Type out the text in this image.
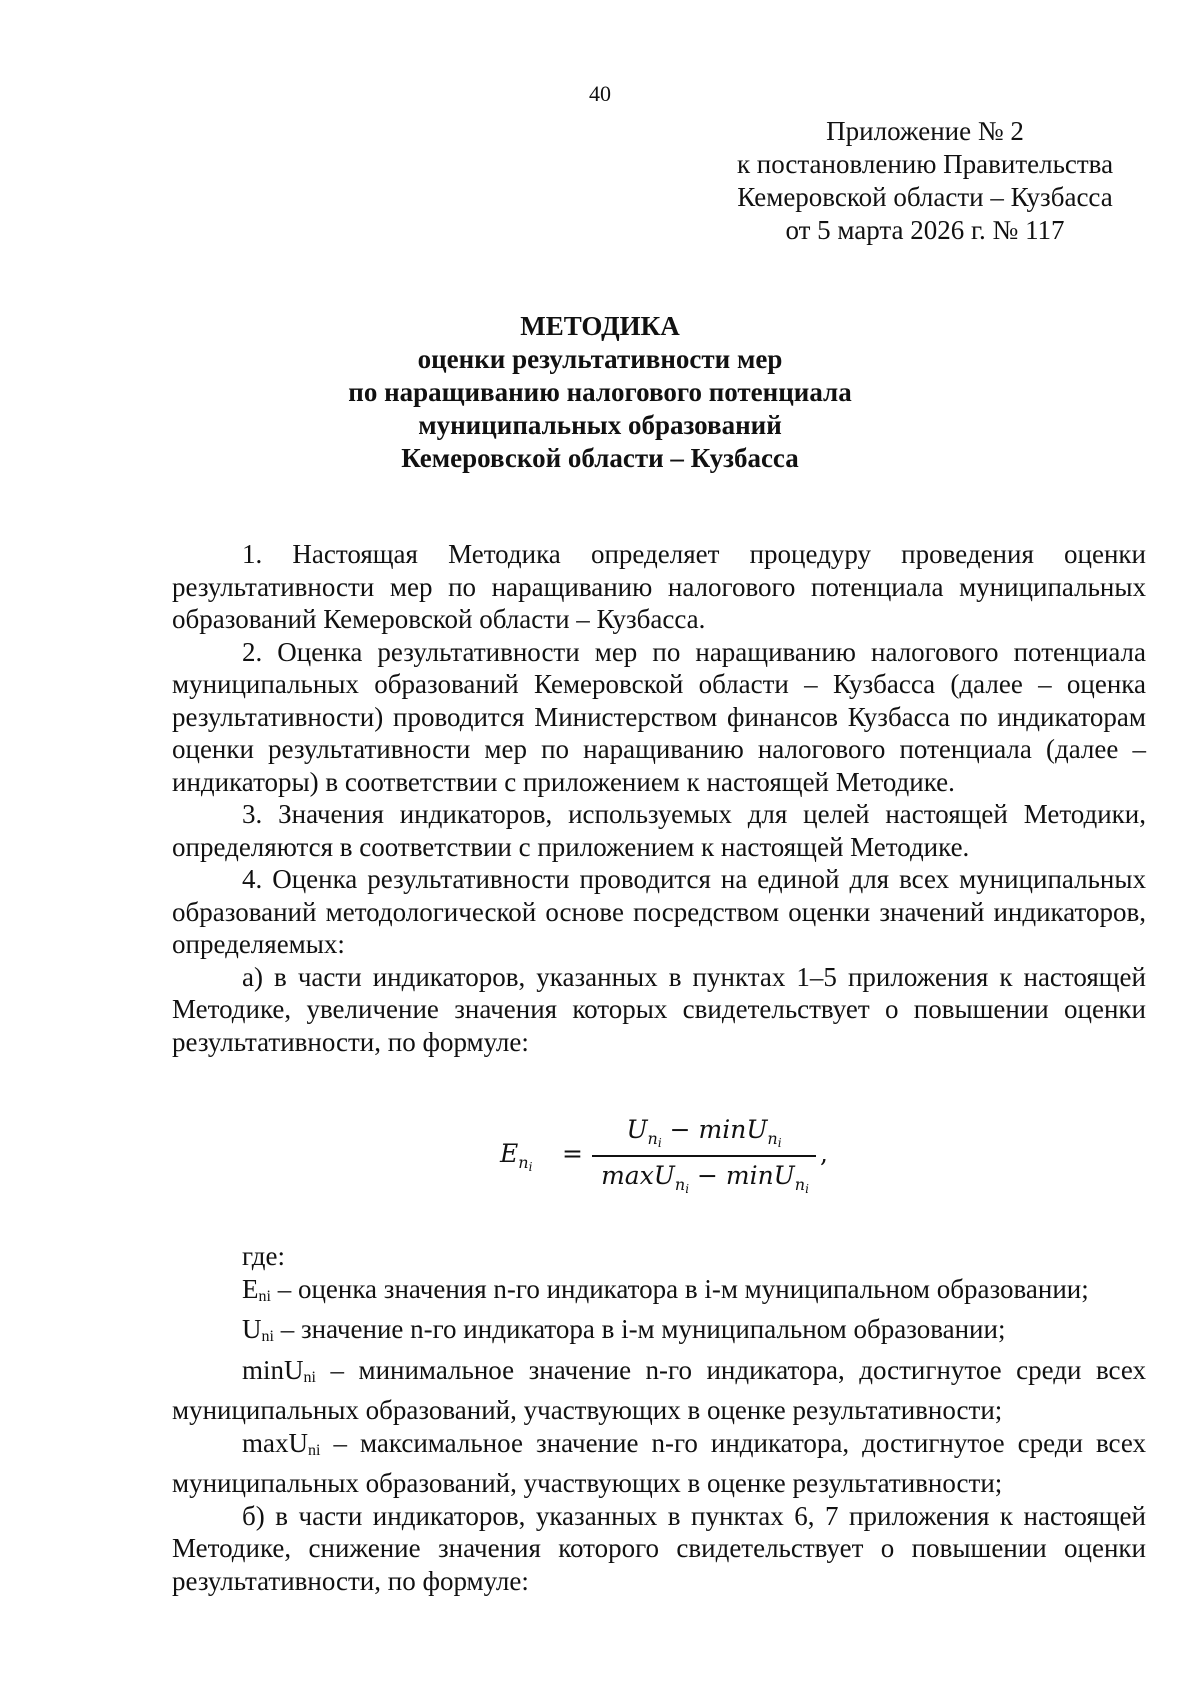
40
Приложение № 2
к постановлению Правительства
Кемеровской области – Кузбасса
от 5 марта 2026 г. № 117
МЕТОДИКА
оценки результативности мер
по наращиванию налогового потенциала
муниципальных образований
Кемеровской области – Кузбасса

1. Настоящая Методика определяет процедуру проведения оценки результативности мер по наращиванию налогового потенциала муниципальных образований Кемеровской области – Кузбасса.

2. Оценка результативности мер по наращиванию налогового потенциала муниципальных образований Кемеровской области – Кузбасса (далее – оценка результативности) проводится Министерством финансов Кузбасса по индикаторам оценки результативности мер по наращиванию налогового потенциала (далее – индикаторы) в соответствии с приложением к настоящей Методике.

3. Значения индикаторов, используемых для целей настоящей Методики, определяются в соответствии с приложением к настоящей Методике.

4. Оценка результативности проводится на единой для всех муниципальных образований методологической основе посредством оценки значений индикаторов, определяемых:

а) в части индикаторов, указанных в пунктах 1–5 приложения к настоящей Методике, увеличение значения которых свидетельствует о повышении оценки результативности, по формуле:

$E_{n_i}$ =
$U_{n_i} - \min U_{n_i}$
maxU$_{n_i}$ − minU$_{n_i}$
,

где:

$E_{ni}$ – оценка значения n-го индикатора в i-м муниципальном образовании;

$U_{ni}$ – значение n-го индикатора в i-м муниципальном образовании;

minU$_{ni}$ – минимальное значение n-го индикатора, достигнутое среди всех муниципальных образований, участвующих в оценке результативности;

maxU$_{ni}$ – максимальное значение n-го индикатора, достигнутое среди всех муниципальных образований, участвующих в оценке результативности;

б) в части индикаторов, указанных в пунктах 6, 7 приложения к настоящей Методике, снижение значения которого свидетельствует о повышении оценки результативности, по формуле:
